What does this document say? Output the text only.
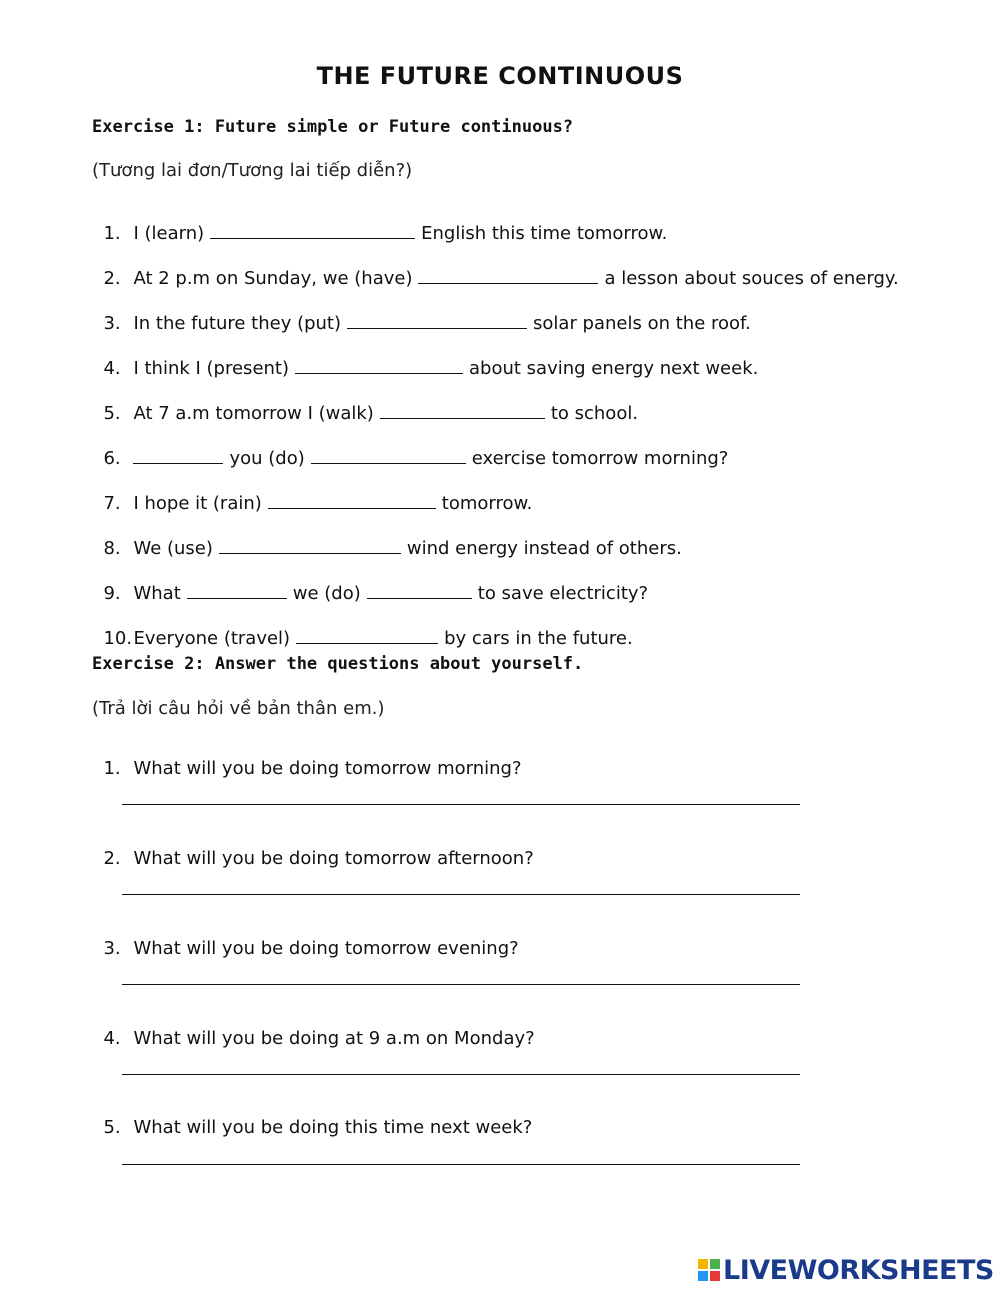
THE FUTURE CONTINUOUS
Exercise 1: Future simple or Future continuous?
(Tương lai đơn/Tương lai tiếp diễn?)

1. I (learn)	English this time tomorrow.

2. At 2 p.m on Sunday, we (have)	a lesson about souces of energy.

3. In the future they (put)	solar panels on the roof.

4. I think I (present)	about saving energy next week.

5. At 7 a.m tomorrow I (walk)	to school.

6.	you (do)	exercise tomorrow morning?

7. I hope it (rain)	tomorrow.

8. We (use)	wind energy instead of others.

9. What	we (do)	to save electricity?

10.Everyone (travel)	by cars in the future.

Exercise 2: Answer the questions about yourself.
(Trả lời câu hỏi về bản thân em.)

1. What will you be doing tomorrow morning?

2. What will you be doing tomorrow afternoon?

3. What will you be doing tomorrow evening?

4. What will you be doing at 9 a.m on Monday?

5. What will you be doing this time next week?

LIVEWORKSHEETS
